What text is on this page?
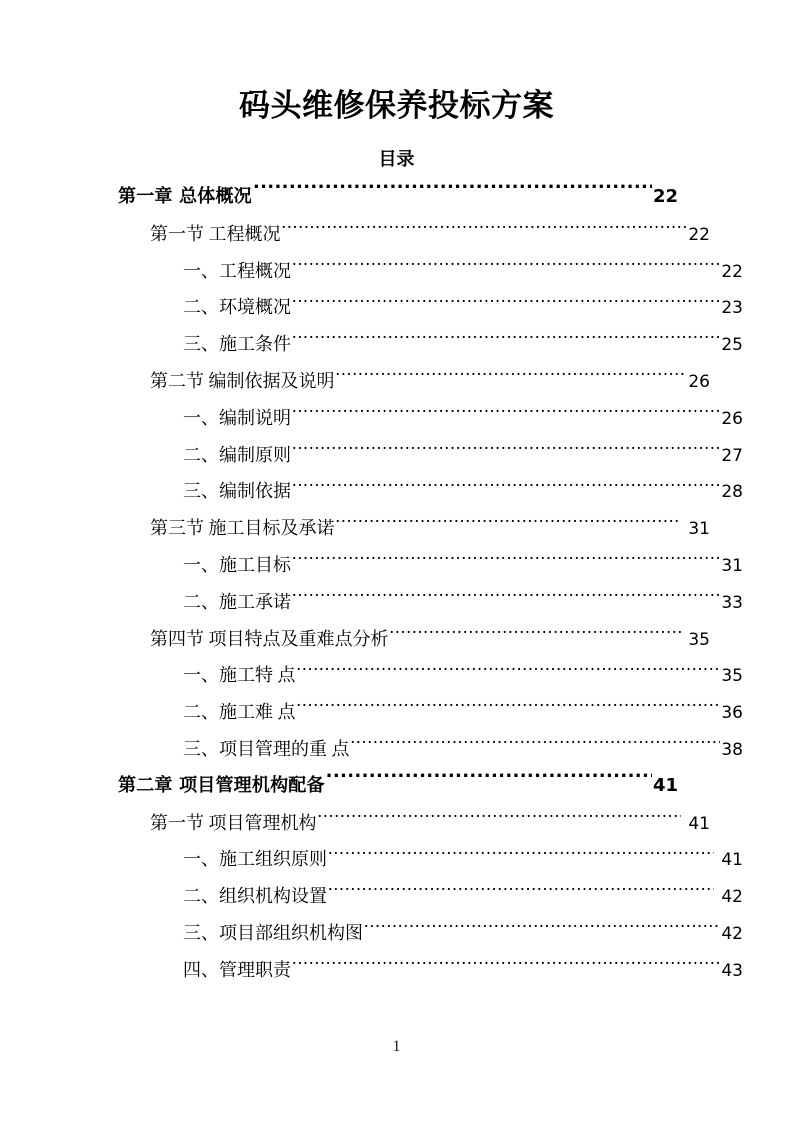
码头维修保养投标方案
目录
第一章 总体概况 .....	22
第一节 工程概况 .....	22
一、工程概况 .....	22
二、环境概况 .....	23
三、施工条件 .....	25
第二节 编制依据及说明 .....	26
一、编制说明 .....	26
二、编制原则 .....	27
三、编制依据 .....	28
第三节 施工目标及承诺 .....	31
一、施工目标 .....	31
二、施工承诺 .....	33
第四节 项目特点及重难点分析 .....	35
一、施工特 点 .....	35
二、施工难 点 .....	36
三、项目管理的重 点 .....	38
第二章 项目管理机构配备 .....	41
第一节 项目管理机构 .....	41
一、施工组织原则 .....	41
二、组织机构设置 .....	42
三、项目部组织机构图 .....	42
四、管理职责 .....	43
1
